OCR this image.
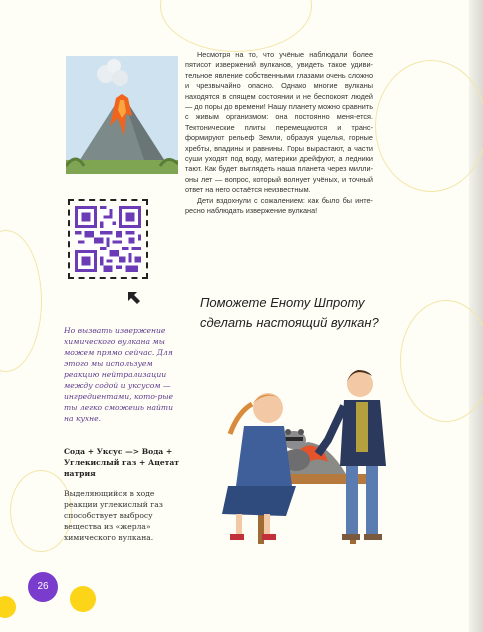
Несмотря на то, что учёные наблюдали более пятисот извержений вулканов, увидеть такое удиви-тельное явление собственными глазами очень сложно и чрезвычайно опасно. Однако многие вулканы находятся в спящем состоянии и не беспокоят людей — до поры до времени! Нашу планету можно сравнить с живым организмом: она постоянно меня-ется. Тектонические плиты перемещаются и транс-формируют рельеф Земли, образуя ущелья, горные хребты, впадины и равнины. Горы вырастают, а части суши уходят под воду, материки дрейфуют, а ледники тают. Как будет выглядеть наша планета через милли-оны лет — вопрос, который волнует учёных, и точный ответ на него остаётся неизвестным.

Дети вздохнули с сожалением: как было бы инте-ресно наблюдать извержение вулкана!

Поможете Еноту Шпроту сделать настоящий вулкан?
Но вызвать извержение химического вулкана мы можем прямо сейчас. Для этого мы используем реакцию нейтрализации между содой и уксусом — ингредиентами, кото-рые ты легко сможешь найти на кухне.
Сода + Уксус —> Вода + Углекислый газ + Ацетат натрия
Выделяющийся в ходе реакции углекислый газ способствует выбросу вещества из «жерла» химического вулкана.
26
